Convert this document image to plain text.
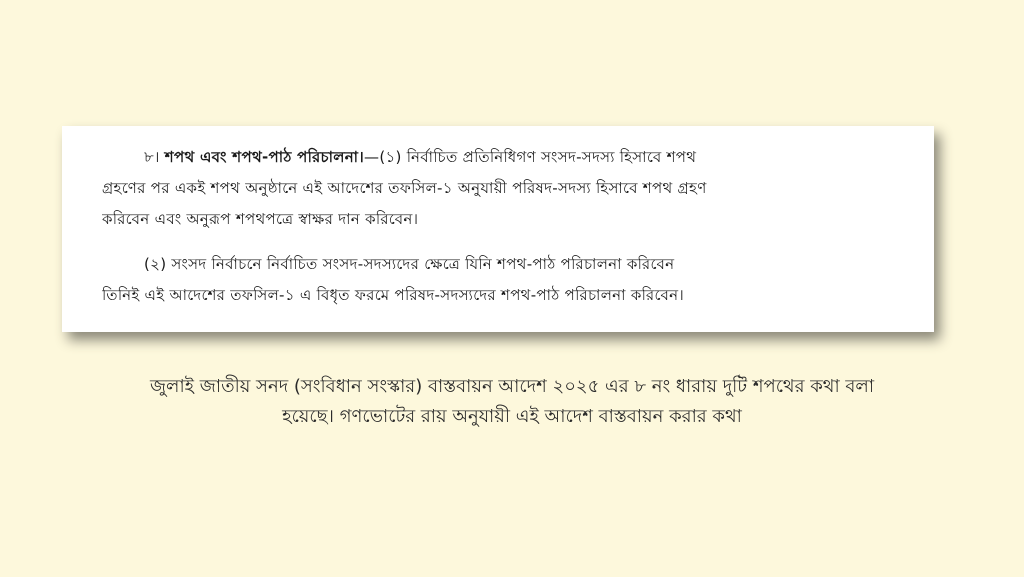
৮। শপথ এবং শপথ-পাঠ পরিচালনা।—(১) নির্বাচিত প্রতিনিধিগণ সংসদ-সদস্য হিসাবে শপথ
গ্রহণের পর একই শপথ অনুষ্ঠানে এই আদেশের তফসিল-১ অনুযায়ী পরিষদ-সদস্য হিসাবে শপথ গ্রহণ
করিবেন এবং অনুরূপ শপথপত্রে স্বাক্ষর দান করিবেন।
(২) সংসদ নির্বাচনে নির্বাচিত সংসদ-সদস্যদের ক্ষেত্রে যিনি শপথ-পাঠ পরিচালনা করিবেন
তিনিই এই আদেশের তফসিল-১ এ বিধৃত ফরমে পরিষদ-সদস্যদের শপথ-পাঠ পরিচালনা করিবেন।
জুলাই জাতীয় সনদ (সংবিধান সংস্কার) বাস্তবায়ন আদেশ ২০২৫ এর ৮ নং ধারায় দুটি শপথের কথা বলা
হয়েছে। গণভোটের রায় অনুযায়ী এই আদেশ বাস্তবায়ন করার কথা
